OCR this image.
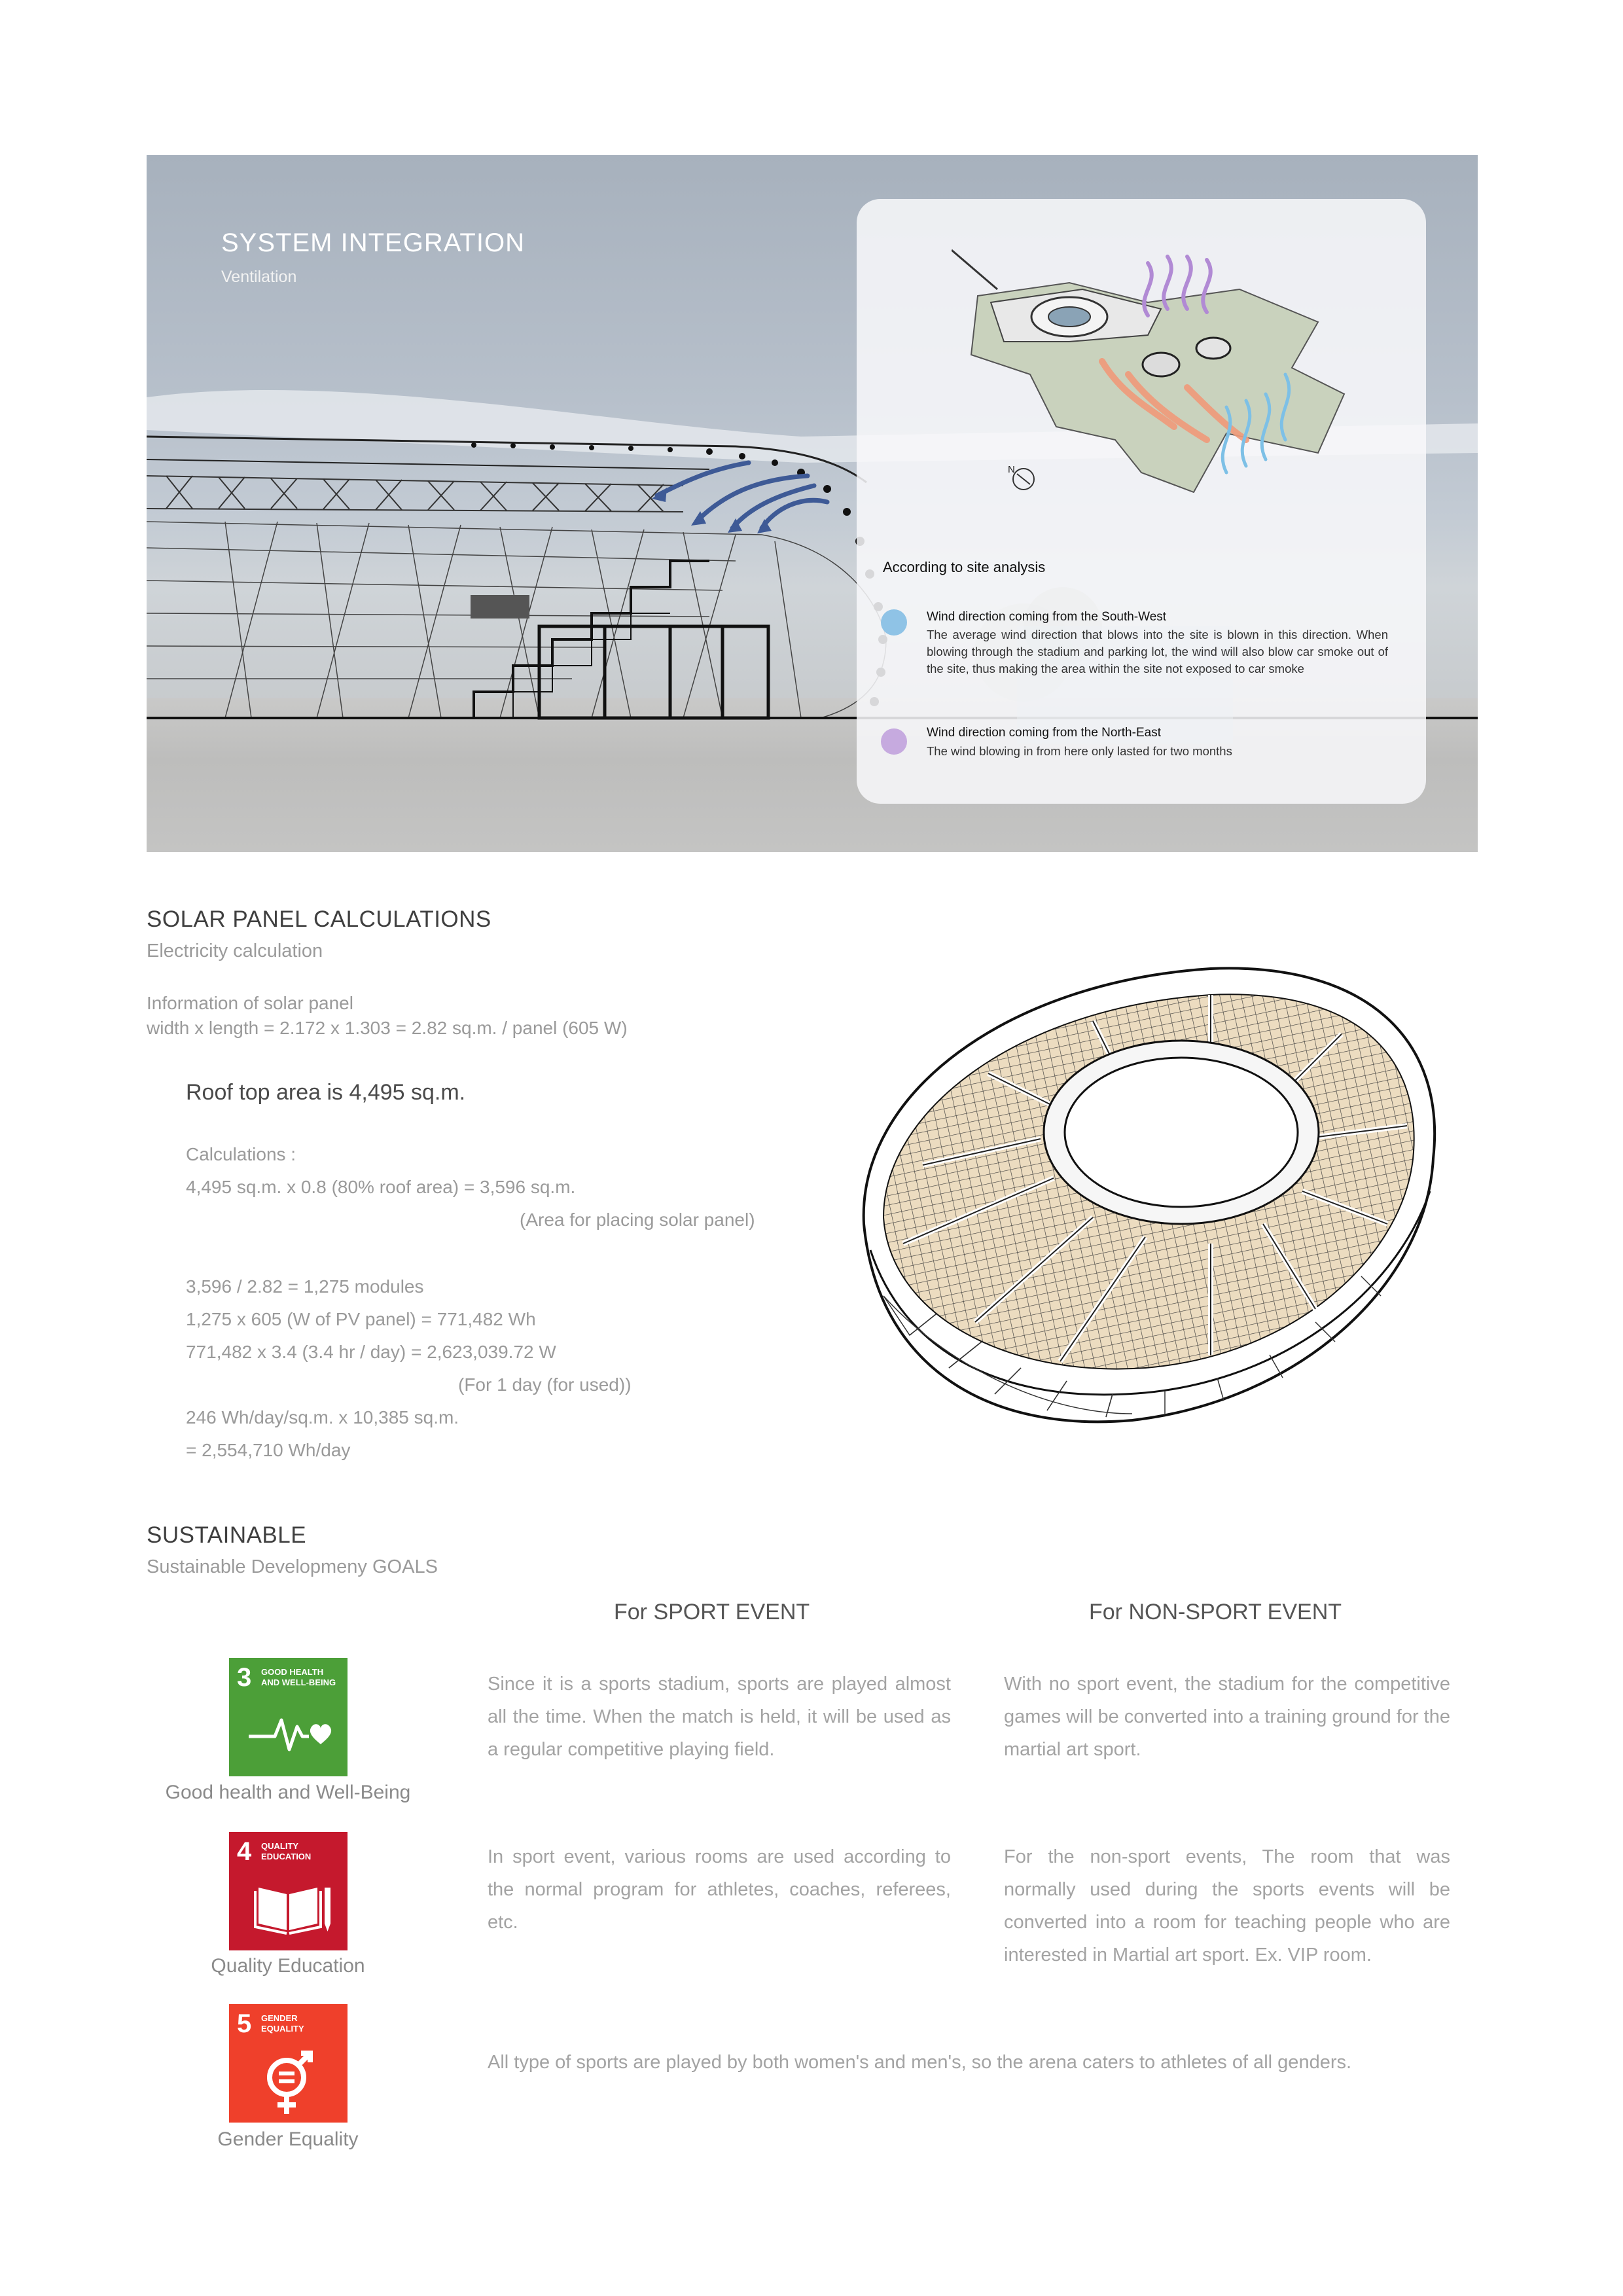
SYSTEM INTEGRATION
Ventilation
N
According to site analysis
Wind direction coming from the South-West
The average wind direction that blows into the site is blown in this direction. When blowing through the stadium and parking lot, the wind will also blow car smoke out of the site, thus making the area within the site not exposed to car smoke
Wind direction coming from the North-East
The wind blowing in from here only lasted for two months
SOLAR PANEL CALCULATIONS
Electricity calculation
Information of solar panel
width x length = 2.172 x 1.303 = 2.82 sq.m. / panel (605 W)
Roof top area is 4,495 sq.m.
Calculations :
4,495 sq.m. x 0.8 (80% roof area) = 3,596 sq.m.
(Area for placing solar panel)
3,596 / 2.82 = 1,275 modules
1,275 x 605 (W of PV panel) = 771,482 Wh
771,482 x 3.4 (3.4 hr / day) = 2,623,039.72 W
(For 1 day (for used))
246 Wh/day/sq.m. x 10,385 sq.m.
= 2,554,710 Wh/day
SUSTAINABLE
Sustainable Developmeny GOALS
For SPORT EVENT	For NON-SPORT EVENT
3 GOOD HEALTH
AND WELL-BEING
Good health and Well-Being
4 QUALITY
EDUCATION
Quality Education
5 GENDER
EQUALITY
Gender Equality
Since it is a sports stadium, sports are played almost all the time. When the match is held, it will be used as a regular competitive playing field.
With no sport event, the stadium for the competitive games will be converted into a training ground for the martial art sport.
In sport event, various rooms are used according to the normal program for athletes, coaches, referees, etc.
For the non-sport events, The room that was normally used during the sports events will be converted into a room for teaching people who are interested in Martial art sport. Ex. VIP room.
All type of sports are played by both women's and men's, so the arena caters to athletes of all genders.
